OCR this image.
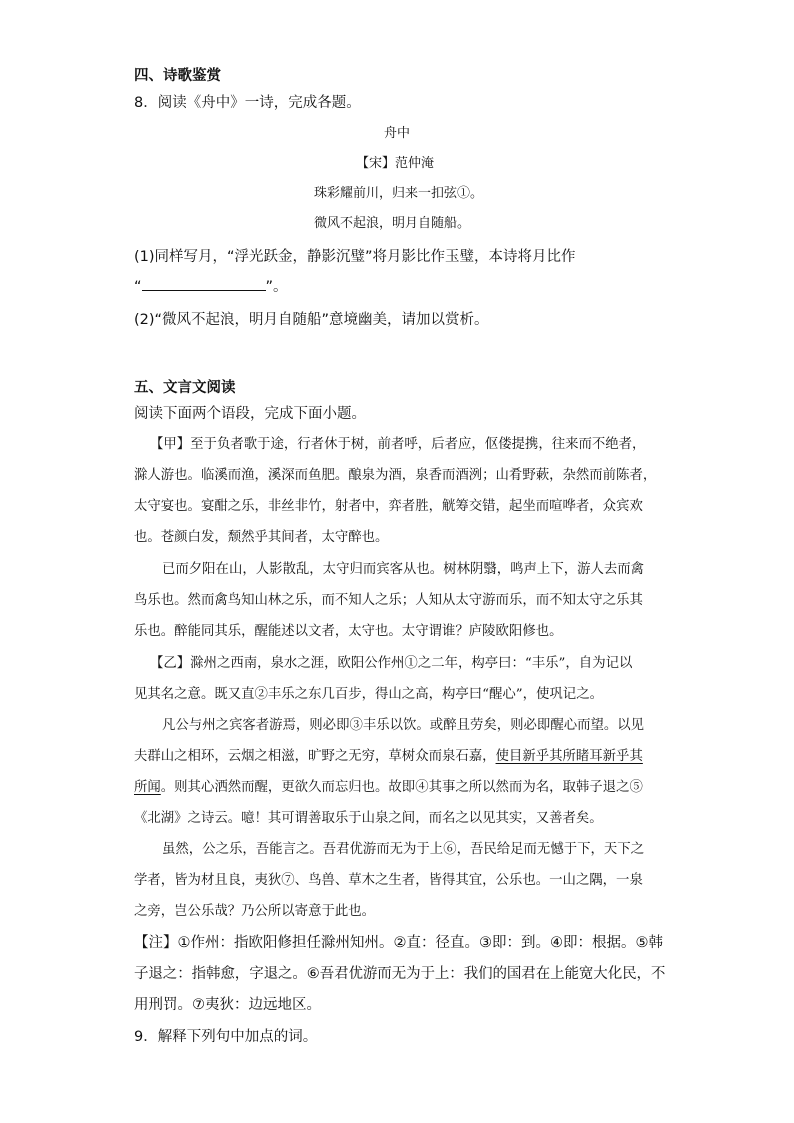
四、诗歌鉴赏
8．阅读《舟中》一诗，完成各题。
舟中
【宋】范仲淹
珠彩耀前川，归来一扣弦①。
微风不起浪，明月自随船。
(1)同样写月，“浮光跃金，静影沉璧”将月影比作玉璧，本诗将月比作
“	”。
(2)“微风不起浪，明月自随船”意境幽美，请加以赏析。
五、文言文阅读
阅读下面两个语段，完成下面小题。
【甲】至于负者歌于途，行者休于树，前者呼，后者应，伛偻提携，往来而不绝者，
滁人游也。临溪而渔，溪深而鱼肥。酿泉为酒，泉香而酒洌；山肴野蔌，杂然而前陈者，
太守宴也。宴酣之乐，非丝非竹，射者中，弈者胜，觥筹交错，起坐而喧哗者，众宾欢
也。苍颜白发，颓然乎其间者，太守醉也。
已而夕阳在山，人影散乱，太守归而宾客从也。树林阴翳，鸣声上下，游人去而禽
鸟乐也。然而禽鸟知山林之乐，而不知人之乐；人知从太守游而乐，而不知太守之乐其
乐也。醉能同其乐，醒能述以文者，太守也。太守谓谁？庐陵欧阳修也。
【乙】滁州之西南，泉水之涯，欧阳公作州①之二年，构亭曰：“丰乐”，自为记以
见其名之意。既又直②丰乐之东几百步，得山之高，构亭曰“醒心”，使巩记之。
凡公与州之宾客者游焉，则必即③丰乐以饮。或醉且劳矣，则必即醒心而望。以见
夫群山之相环，云烟之相滋，旷野之无穷，草树众而泉石嘉，使目新乎其所睹耳新乎其
所闻。则其心洒然而醒，更欲久而忘归也。故即④其事之所以然而为名，取韩子退之⑤
《北湖》之诗云。噫！其可谓善取乐于山泉之间，而名之以见其实，又善者矣。
虽然，公之乐，吾能言之。吾君优游而无为于上⑥，吾民给足而无憾于下，天下之
学者，皆为材且良，夷狄⑦、鸟兽、草木之生者，皆得其宜，公乐也。一山之隅，一泉
之旁，岂公乐哉？乃公所以寄意于此也。
【注】①作州：指欧阳修担任滁州知州。②直：径直。③即：到。④即：根据。⑤韩
子退之：指韩愈，字退之。⑥吾君优游而无为于上：我们的国君在上能宽大化民，不
用刑罚。⑦夷狄：边远地区。
9．解释下列句中加点的词。
